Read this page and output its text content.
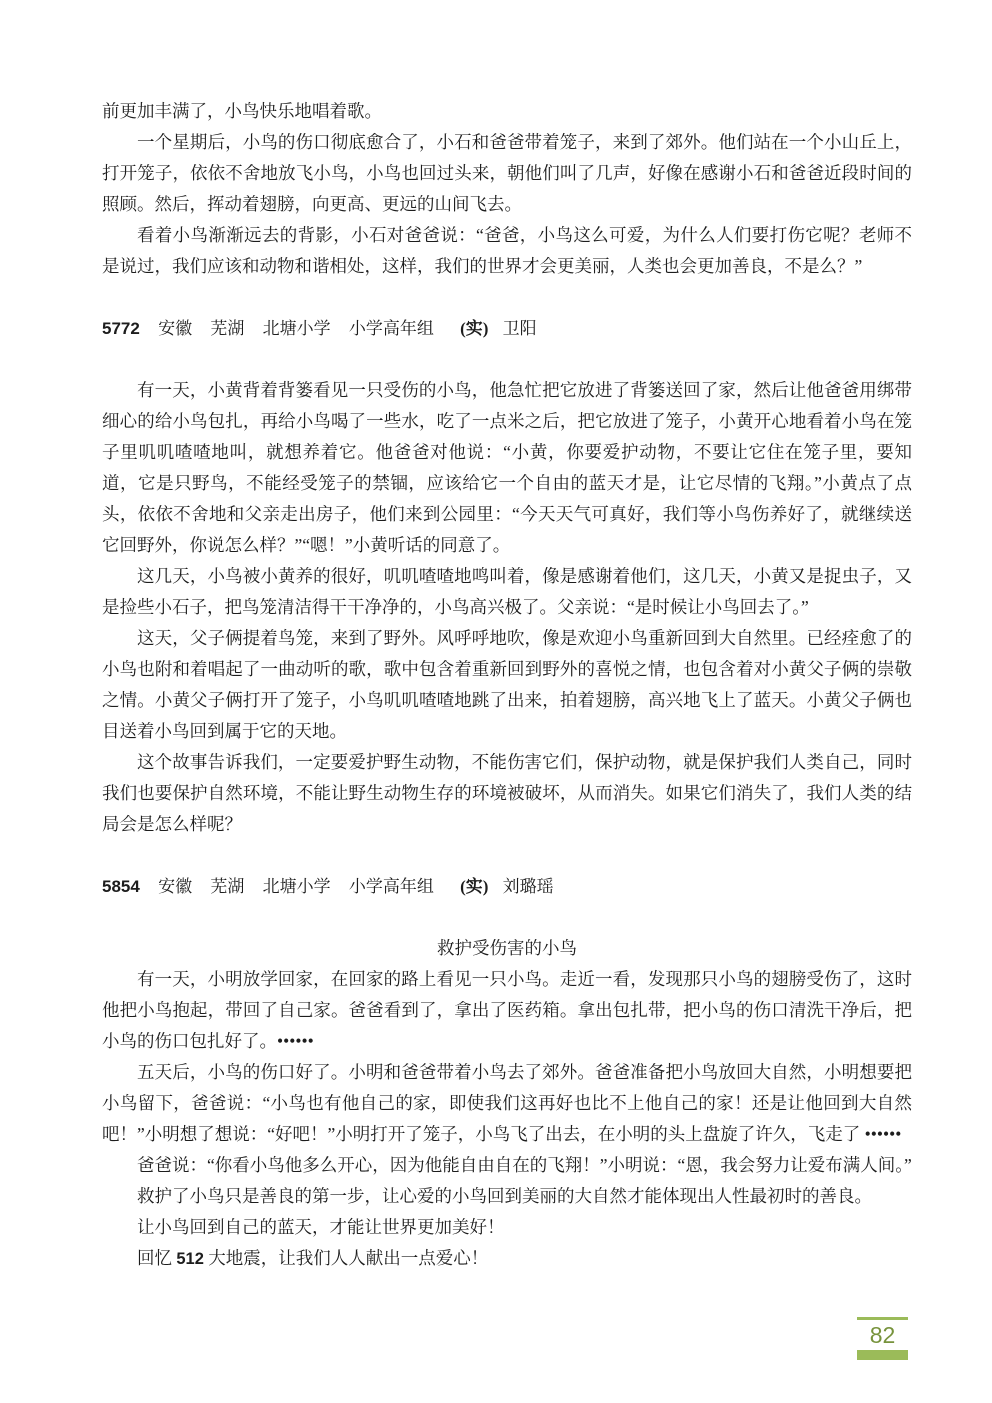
前更加丰满了，小鸟快乐地唱着歌。

一个星期后，小鸟的伤口彻底愈合了，小石和爸爸带着笼子，来到了郊外。他们站在一个小山丘上，打开笼子，依依不舍地放飞小鸟，小鸟也回过头来，朝他们叫了几声，好像在感谢小石和爸爸近段时间的照顾。然后，挥动着翅膀，向更高、更远的山间飞去。

看着小鸟渐渐远去的背影，小石对爸爸说：“爸爸，小鸟这么可爱，为什么人们要打伤它呢？老师不是说过，我们应该和动物和谐相处，这样，我们的世界才会更美丽，人类也会更加善良，不是么？”

5772 安徽 芜湖 北塘小学 小学高年组 (实) 卫阳

有一天，小黄背着背篓看见一只受伤的小鸟，他急忙把它放进了背篓送回了家，然后让他爸爸用绑带细心的给小鸟包扎，再给小鸟喝了一些水，吃了一点米之后，把它放进了笼子，小黄开心地看着小鸟在笼子里叽叽喳喳地叫，就想养着它。他爸爸对他说：“小黄，你要爱护动物，不要让它住在笼子里，要知道，它是只野鸟，不能经受笼子的禁锢，应该给它一个自由的蓝天才是，让它尽情的飞翔。”小黄点了点头，依依不舍地和父亲走出房子，他们来到公园里：“今天天气可真好，我们等小鸟伤养好了，就继续送它回野外，你说怎么样？”“嗯！”小黄听话的同意了。

这几天，小鸟被小黄养的很好，叽叽喳喳地鸣叫着，像是感谢着他们，这几天，小黄又是捉虫子，又是捡些小石子，把鸟笼清洁得干干净净的，小鸟高兴极了。父亲说：“是时候让小鸟回去了。”

这天，父子俩提着鸟笼，来到了野外。风呼呼地吹，像是欢迎小鸟重新回到大自然里。已经痊愈了的小鸟也附和着唱起了一曲动听的歌，歌中包含着重新回到野外的喜悦之情，也包含着对小黄父子俩的崇敬之情。小黄父子俩打开了笼子，小鸟叽叽喳喳地跳了出来，拍着翅膀，高兴地飞上了蓝天。小黄父子俩也目送着小鸟回到属于它的天地。

这个故事告诉我们，一定要爱护野生动物，不能伤害它们，保护动物，就是保护我们人类自己，同时我们也要保护自然环境，不能让野生动物生存的环境被破坏，从而消失。如果它们消失了，我们人类的结局会是怎么样呢？

5854 安徽 芜湖 北塘小学 小学高年组 (实) 刘璐瑶
救护受伤害的小鸟

有一天，小明放学回家，在回家的路上看见一只小鸟。走近一看，发现那只小鸟的翅膀受伤了，这时他把小鸟抱起，带回了自己家。爸爸看到了，拿出了医药箱。拿出包扎带，把小鸟的伤口清洗干净后，把小鸟的伤口包扎好了。••••••

五天后，小鸟的伤口好了。小明和爸爸带着小鸟去了郊外。爸爸准备把小鸟放回大自然，小明想要把小鸟留下，爸爸说：“小鸟也有他自己的家，即使我们这再好也比不上他自己的家！还是让他回到大自然吧！”小明想了想说：“好吧！”小明打开了笼子，小鸟飞了出去，在小明的头上盘旋了许久，飞走了 ••••••

爸爸说：“你看小鸟他多么开心，因为他能自由自在的飞翔！”小明说：“恩，我会努力让爱布满人间。”

救护了小鸟只是善良的第一步，让心爱的小鸟回到美丽的大自然才能体现出人性最初时的善良。

让小鸟回到自己的蓝天，才能让世界更加美好！

回忆 512 大地震，让我们人人献出一点爱心！

82
